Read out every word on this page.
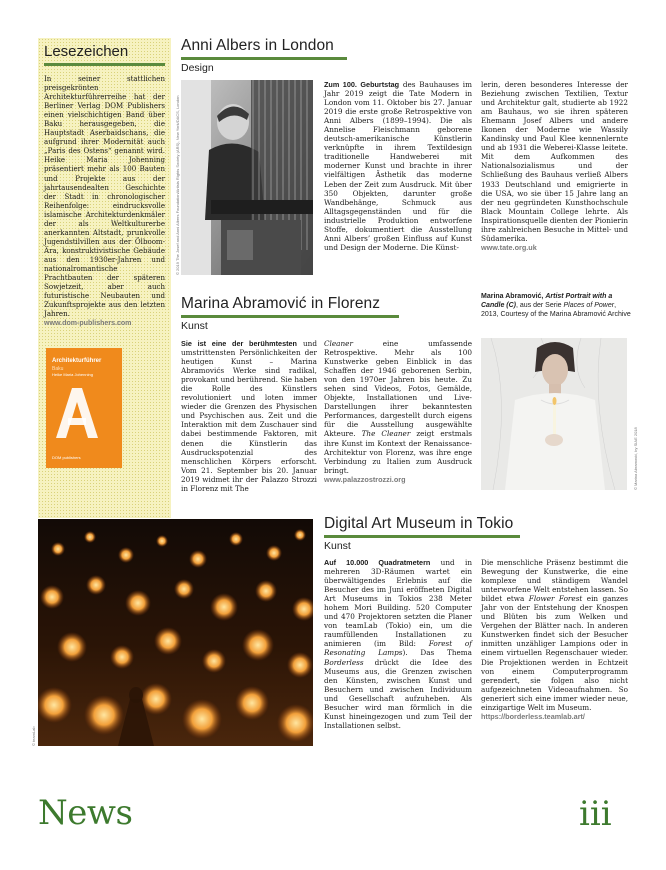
Lesezeichen
In seiner stattlichen preisgekrönten Architekturführerreihe hat der Berliner Verlag DOM Publishers einen vielschichtigen Band über Baku herausgegeben, die Hauptstadt Aserbaidschans, die aufgrund ihrer Modernität auch „Paris des Ostens“ genannt wird. Heike Maria Johenning präsentiert mehr als 100 Bauten und Projekte aus der jahrtausendealten Geschichte der Stadt in chronologischer Reihenfolge: eindrucksvolle islamische Architekturdenkmäler der als Weltkulturerbe anerkannten Altstadt, prunkvolle Jugendstilvillen aus der Ölboom-Ära, konstruktivistische Gebäude aus den 1930er-Jahren und nationalromantische Prachtbauten der späteren Sowjetzeit, aber auch futuristische Neubauten und Zukunftsprojekte aus den letzten Jahren.
www.dom-publishers.com
Architekturführer
Baku
Heike Maria Johenning
DOM publishers
Anni Albers in London
Design
© 2019 The Josef and Anni Albers Foundation/Artists Rights Society (ARS), New York/DACS, London
Zum 100. Geburtstag des Bauhauses im Jahr 2019 zeigt die Tate Modern in London vom 11. Oktober bis 27. Januar 2019 die erste große Retrospektive von Anni Albers (1899–1994). Die als Annelise Fleischmann geborene deutsch-amerikanische Künstlerin verknüpfte in ihrem Textildesign traditionelle Handweberei mit moderner Kunst und brachte in ihrer vielfältigen Ästhetik das moderne Leben der Zeit zum Ausdruck. Mit über 350 Objekten, darunter große Wandbehänge, Schmuck aus Alltagsgegenständen und für die industrielle Produktion entworfene Stoffe, dokumentiert die Ausstellung Anni Albers’ großen Einfluss auf Kunst und Design der Moderne. Die Künst-
lerin, deren besonderes Interesse der Beziehung zwischen Textilien, Textur und Architektur galt, studierte ab 1922 am Bauhaus, wo sie ihren späteren Ehemann Josef Albers und andere Ikonen der Moderne wie Wassily Kandinsky und Paul Klee kennenlernte und ab 1931 die Weberei-Klasse leitete. Mit dem Aufkommen des Nationalsozialismus und der Schließung des Bauhaus verließ Albers 1933 Deutschland und emigrierte in die USA, wo sie über 15 Jahre lang an der neu gegründeten Kunsthochschule Black Mountain College lehrte. Als Inspirationsquelle dienten der Pionierin ihre zahlreichen Besuche in Mittel- und Südamerika.
www.tate.org.uk
Marina Abramović in Florenz
Kunst
Sie ist eine der berühmtesten und umstrittensten Persönlichkeiten der heutigen Kunst – Marina Abramovićs Werke sind radikal, provokant und berührend. Sie haben die Rolle des Künstlers revolutioniert und loten immer wieder die Grenzen des Physischen und Psychischen aus. Zeit und die Interaktion mit dem Zuschauer sind dabei bestimmende Faktoren, mit denen die Künstlerin das Ausdruckspotenzial des menschlichen Körpers erforscht. Vom 21. September bis 20. Januar 2019 widmet ihr der Palazzo Strozzi in Florenz mit The
Cleaner eine umfassende Retrospektive. Mehr als 100 Kunstwerke geben Einblick in das Schaffen der 1946 geborenen Serbin, von den 1970er Jahren bis heute. Zu sehen sind Videos, Fotos, Gemälde, Objekte, Installationen und Live-Darstellungen ihrer bekanntesten Performances, dargestellt durch eigens für die Ausstellung ausgewählte Akteure. The Cleaner zeigt erstmals ihre Kunst im Kontext der Renaissance-Architektur von Florenz, was ihre enge Verbindung zu Italien zum Ausdruck bringt.
www.palazzostrozzi.org
Marina Abramović, Artist Portrait with a Candle (C), aus der Serie Places of Power, 2013, Courtesy of the Marina Abramović Archive
© Marina Abramović, by SIAE 2018
© teamLab
Digital Art Museum in Tokio
Kunst
Auf 10.000 Quadratmetern und in mehreren 3D-Räumen wartet ein überwältigendes Erlebnis auf die Besucher des im Juni eröffneten Digital Art Museums in Tokios 238 Meter hohem Mori Building. 520 Computer und 470 Projektoren setzten die Planer von teamLab (Tokio) ein, um die raumfüllenden Installationen zu animieren (im Bild: Forest of Resonating Lamps). Das Thema Borderless drückt die Idee des Museums aus, die Grenzen zwischen den Künsten, zwischen Kunst und Besuchern und zwischen Individuum und Gesellschaft aufzuheben. Als Besucher wird man förmlich in die Kunst hineingezogen und zum Teil der Installationen selbst.
Die menschliche Präsenz bestimmt die Bewegung der Kunstwerke, die eine komplexe und ständigem Wandel unterworfene Welt entstehen lassen. So bildet etwa Flower Forest ein ganzes Jahr von der Entstehung der Knospen und Blüten bis zum Welken und Vergehen der Blätter nach. In anderen Kunstwerken findet sich der Besucher inmitten unzähliger Lampions oder in einem virtuellen Regenschauer wieder. Die Projektionen werden in Echtzeit von einem Computerprogramm gerendert, sie folgen also nicht aufgezeichneten Videoaufnahmen. So generiert sich eine immer wieder neue, einzigartige Welt im Museum.
https://borderless.teamlab.art/
News	iii
